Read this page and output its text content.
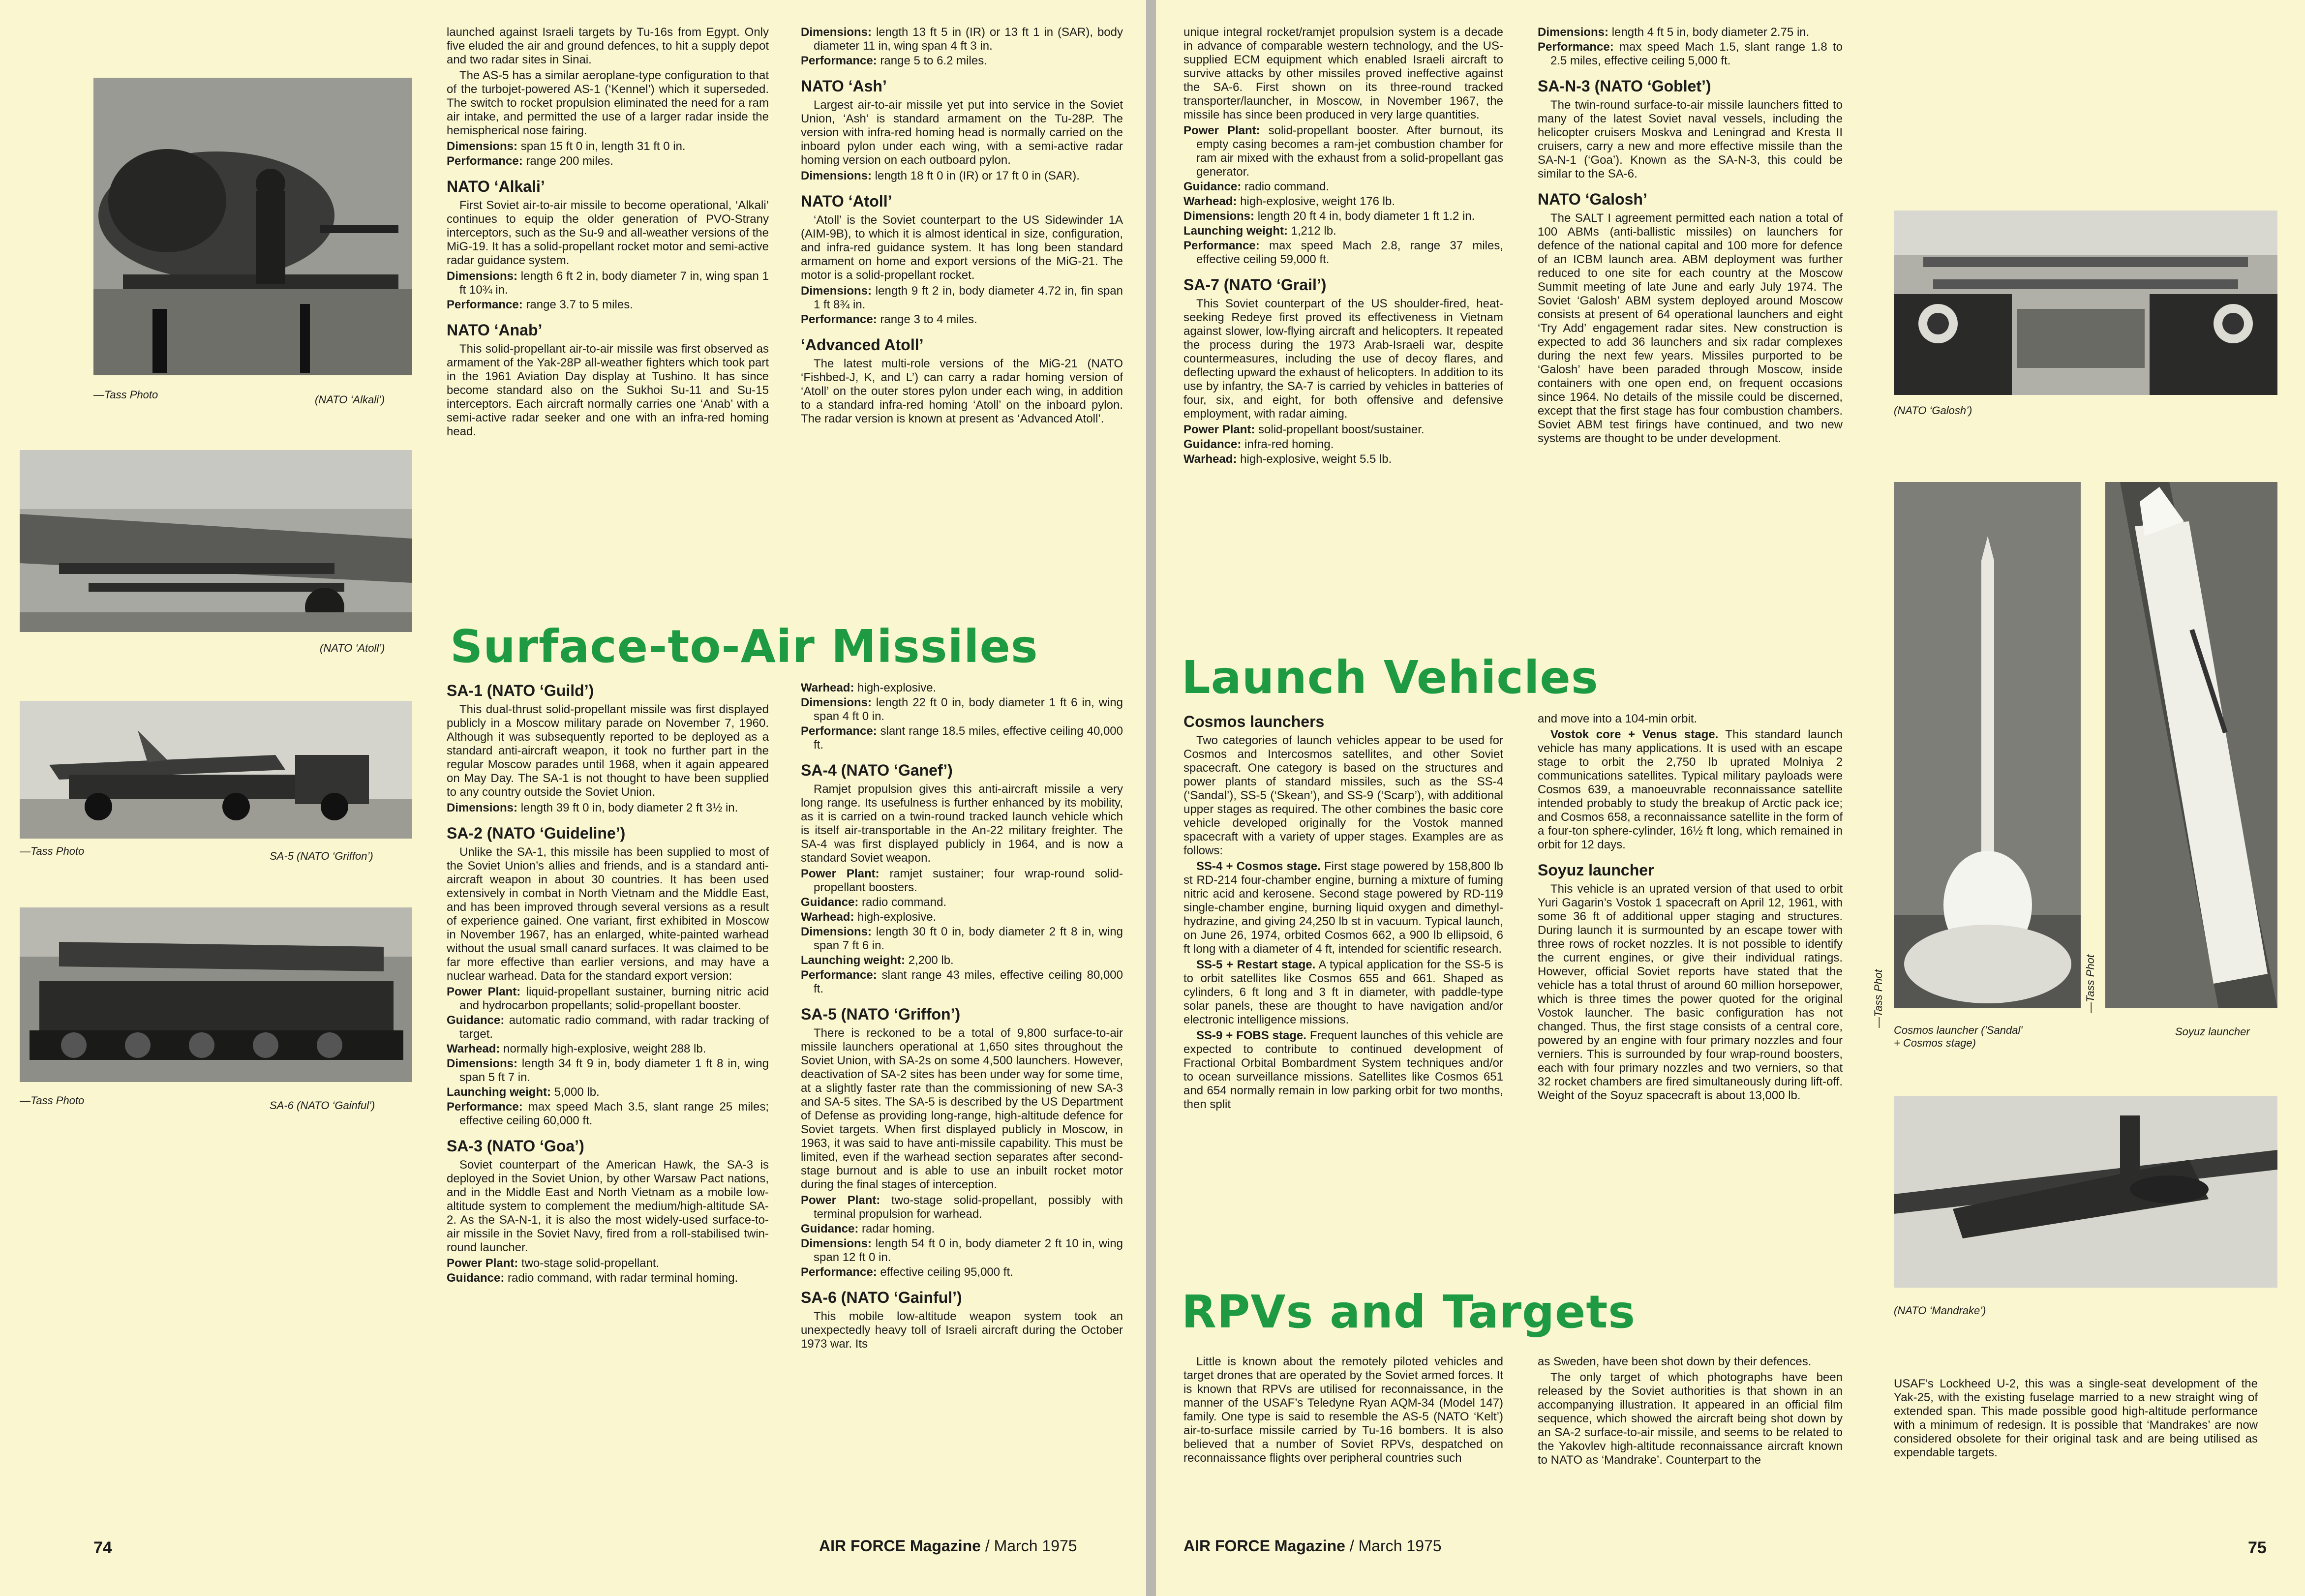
—Tass Photo	(NATO ‘Alkali’)
(NATO ‘Atoll’)
—Tass Photo	SA-5 (NATO ‘Griffon’)
—Tass Photo	SA-6 (NATO ‘Gainful’)

launched against Israeli targets by Tu-16s from Egypt. Only five eluded the air and ground defences, to hit a supply depot and two radar sites in Sinai.

The AS-5 has a similar aeroplane-type configuration to that of the turbojet-powered AS-1 (‘Kennel’) which it superseded. The switch to rocket propulsion eliminated the need for a ram air intake, and permitted the use of a larger radar inside the hemispherical nose fairing.

Dimensions: span 15 ft 0 in, length 31 ft 0 in.
Performance: range 200 miles.
NATO ‘Alkali’

First Soviet air-to-air missile to become operational, ‘Alkali’ continues to equip the older generation of PVO-Strany interceptors, such as the Su-9 and all-weather versions of the MiG-19. It has a solid-propellant rocket motor and semi-active radar guidance system.

Dimensions: length 6 ft 2 in, body diameter 7 in, wing span 1 ft 10¾ in.
Performance: range 3.7 to 5 miles.
NATO ‘Anab’

This solid-propellant air-to-air missile was first observed as armament of the Yak-28P all-weather fighters which took part in the 1961 Aviation Day display at Tushino. It has since become standard also on the Sukhoi Su-11 and Su-15 interceptors. Each aircraft normally carries one ‘Anab’ with a semi-active radar seeker and one with an infra-red homing head.

Dimensions: length 13 ft 5 in (IR) or 13 ft 1 in (SAR), body diameter 11 in, wing span 4 ft 3 in.
Performance: range 5 to 6.2 miles.
NATO ‘Ash’

Largest air-to-air missile yet put into service in the Soviet Union, ‘Ash’ is standard armament on the Tu-28P. The version with infra-red homing head is normally carried on the inboard pylon under each wing, with a semi-active radar homing version on each outboard pylon.

Dimensions: length 18 ft 0 in (IR) or 17 ft 0 in (SAR).
NATO ‘Atoll’

‘Atoll’ is the Soviet counterpart to the US Sidewinder 1A (AIM-9B), to which it is almost identical in size, configuration, and infra-red guidance system. It has long been standard armament on home and export versions of the MiG-21. The motor is a solid-propellant rocket.

Dimensions: length 9 ft 2 in, body diameter 4.72 in, fin span 1 ft 8¾ in.
Performance: range 3 to 4 miles.
‘Advanced Atoll’

The latest multi-role versions of the MiG-21 (NATO ‘Fishbed-J, K, and L’) can carry a radar homing version of ‘Atoll’ on the outer stores pylon under each wing, in addition to a standard infra-red homing ‘Atoll’ on the inboard pylon. The radar version is known at present as ‘Advanced Atoll’.

Surface-to-Air Missiles
SA-1 (NATO ‘Guild’)

This dual-thrust solid-propellant missile was first displayed publicly in a Moscow military parade on November 7, 1960. Although it was subsequently reported to be deployed as a standard anti-aircraft weapon, it took no further part in the regular Moscow parades until 1968, when it again appeared on May Day. The SA-1 is not thought to have been supplied to any country outside the Soviet Union.

Dimensions: length 39 ft 0 in, body diameter 2 ft 3½ in.
SA-2 (NATO ‘Guideline’)

Unlike the SA-1, this missile has been supplied to most of the Soviet Union’s allies and friends, and is a standard anti-aircraft weapon in about 30 countries. It has been used extensively in combat in North Vietnam and the Middle East, and has been improved through several versions as a result of experience gained. One variant, first exhibited in Moscow in November 1967, has an enlarged, white-painted warhead without the usual small canard surfaces. It was claimed to be far more effective than earlier versions, and may have a nuclear warhead. Data for the standard export version:

Power Plant: liquid-propellant sustainer, burning nitric acid and hydrocarbon propellants; solid-propellant booster.
Guidance: automatic radio command, with radar tracking of target.
Warhead: normally high-explosive, weight 288 lb.
Dimensions: length 34 ft 9 in, body diameter 1 ft 8 in, wing span 5 ft 7 in.
Launching weight: 5,000 lb.
Performance: max speed Mach 3.5, slant range 25 miles; effective ceiling 60,000 ft.
SA-3 (NATO ‘Goa’)

Soviet counterpart of the American Hawk, the SA-3 is deployed in the Soviet Union, by other Warsaw Pact nations, and in the Middle East and North Vietnam as a mobile low-altitude system to complement the medium/high-altitude SA-2. As the SA-N-1, it is also the most widely-used surface-to-air missile in the Soviet Navy, fired from a roll-stabilised twin-round launcher.

Power Plant: two-stage solid-propellant.
Guidance: radio command, with radar terminal homing.
Warhead: high-explosive.
Dimensions: length 22 ft 0 in, body diameter 1 ft 6 in, wing span 4 ft 0 in.
Performance: slant range 18.5 miles, effective ceiling 40,000 ft.
SA-4 (NATO ‘Ganef’)

Ramjet propulsion gives this anti-aircraft missile a very long range. Its usefulness is further enhanced by its mobility, as it is carried on a twin-round tracked launch vehicle which is itself air-transportable in the An-22 military freighter. The SA-4 was first displayed publicly in 1964, and is now a standard Soviet weapon.

Power Plant: ramjet sustainer; four wrap-round solid-propellant boosters.
Guidance: radio command.
Warhead: high-explosive.
Dimensions: length 30 ft 0 in, body diameter 2 ft 8 in, wing span 7 ft 6 in.
Launching weight: 2,200 lb.
Performance: slant range 43 miles, effective ceiling 80,000 ft.
SA-5 (NATO ‘Griffon’)

There is reckoned to be a total of 9,800 surface-to-air missile launchers operational at 1,650 sites throughout the Soviet Union, with SA-2s on some 4,500 launchers. However, deactivation of SA-2 sites has been under way for some time, at a slightly faster rate than the commissioning of new SA-3 and SA-5 sites. The SA-5 is described by the US Department of Defense as providing long-range, high-altitude defence for Soviet targets. When first displayed publicly in Moscow, in 1963, it was said to have anti-missile capability. This must be limited, even if the warhead section separates after second-stage burnout and is able to use an inbuilt rocket motor during the final stages of interception.

Power Plant: two-stage solid-propellant, possibly with terminal propulsion for warhead.
Guidance: radar homing.
Dimensions: length 54 ft 0 in, body diameter 2 ft 10 in, wing span 12 ft 0 in.
Performance: effective ceiling 95,000 ft.
SA-6 (NATO ‘Gainful’)

This mobile low-altitude weapon system took an unexpectedly heavy toll of Israeli aircraft during the October 1973 war. Its

74	AIR FORCE Magazine / March 1975

unique integral rocket/ramjet propulsion system is a decade in advance of comparable western technology, and the US-supplied ECM equipment which enabled Israeli aircraft to survive attacks by other missiles proved ineffective against the SA-6. First shown on its three-round tracked transporter/launcher, in Moscow, in November 1967, the missile has since been produced in very large quantities.

Power Plant: solid-propellant booster. After burnout, its empty casing becomes a ram-jet combustion chamber for ram air mixed with the exhaust from a solid-propellant gas generator.
Guidance: radio command.
Warhead: high-explosive, weight 176 lb.
Dimensions: length 20 ft 4 in, body diameter 1 ft 1.2 in.
Launching weight: 1,212 lb.
Performance: max speed Mach 2.8, range 37 miles, effective ceiling 59,000 ft.
SA-7 (NATO ‘Grail’)

This Soviet counterpart of the US shoulder-fired, heat-seeking Redeye first proved its effectiveness in Vietnam against slower, low-flying aircraft and helicopters. It repeated the process during the 1973 Arab-Israeli war, despite countermeasures, including the use of decoy flares, and deflecting upward the exhaust of helicopters. In addition to its use by infantry, the SA-7 is carried by vehicles in batteries of four, six, and eight, for both offensive and defensive employment, with radar aiming.

Power Plant: solid-propellant boost/sustainer.
Guidance: infra-red homing.
Warhead: high-explosive, weight 5.5 lb.
Dimensions: length 4 ft 5 in, body diameter 2.75 in.
Performance: max speed Mach 1.5, slant range 1.8 to 2.5 miles, effective ceiling 5,000 ft.
SA-N-3 (NATO ‘Goblet’)

The twin-round surface-to-air missile launchers fitted to many of the latest Soviet naval vessels, including the helicopter cruisers Moskva and Leningrad and Kresta II cruisers, carry a new and more effective missile than the SA-N-1 (‘Goa’). Known as the SA-N-3, this could be similar to the SA-6.

NATO ‘Galosh’

The SALT I agreement permitted each nation a total of 100 ABMs (anti-ballistic missiles) on launchers for defence of the national capital and 100 more for defence of an ICBM launch area. ABM deployment was further reduced to one site for each country at the Moscow Summit meeting of late June and early July 1974. The Soviet ‘Galosh’ ABM system deployed around Moscow consists at present of 64 operational launchers and eight ‘Try Add’ engagement radar sites. New construction is expected to add 36 launchers and six radar complexes during the next few years. Missiles purported to be ‘Galosh’ have been paraded through Moscow, inside containers with one open end, on frequent occasions since 1964. No details of the missile could be discerned, except that the first stage has four combustion chambers. Soviet ABM test firings have continued, and two new systems are thought to be under development.

(NATO ‘Galosh’)
—Tass Phot
Cosmos launcher ('Sandal' + Cosmos stage)
—Tass Phot
Soyuz launcher
(NATO ‘Mandrake’)
Launch Vehicles
Cosmos launchers

Two categories of launch vehicles appear to be used for Cosmos and Intercosmos satellites, and other Soviet spacecraft. One category is based on the structures and power plants of standard missiles, such as the SS-4 (‘Sandal’), SS-5 (‘Skean’), and SS-9 (‘Scarp’), with additional upper stages as required. The other combines the basic core vehicle developed originally for the Vostok manned spacecraft with a variety of upper stages. Examples are as follows:

SS-4 + Cosmos stage. First stage powered by 158,800 lb st RD-214 four-chamber engine, burning a mixture of fuming nitric acid and kerosene. Second stage powered by RD-119 single-chamber engine, burning liquid oxygen and dimethyl-hydrazine, and giving 24,250 lb st in vacuum. Typical launch, on June 26, 1974, orbited Cosmos 662, a 900 lb ellipsoid, 6 ft long with a diameter of 4 ft, intended for scientific research.

SS-5 + Restart stage. A typical application for the SS-5 is to orbit satellites like Cosmos 655 and 661. Shaped as cylinders, 6 ft long and 3 ft in diameter, with paddle-type solar panels, these are thought to have navigation and/or electronic intelligence missions.

SS-9 + FOBS stage. Frequent launches of this vehicle are expected to contribute to continued development of Fractional Orbital Bombardment System techniques and/or to ocean surveillance missions. Satellites like Cosmos 651 and 654 normally remain in low parking orbit for two months, then split

and move into a 104-min orbit.

Vostok core + Venus stage. This standard launch vehicle has many applications. It is used with an escape stage to orbit the 2,750 lb uprated Molniya 2 communications satellites. Typical military payloads were Cosmos 639, a manoeuvrable reconnaissance satellite intended probably to study the breakup of Arctic pack ice; and Cosmos 658, a reconnaissance satellite in the form of a four-ton sphere-cylinder, 16½ ft long, which remained in orbit for 12 days.

Soyuz launcher

This vehicle is an uprated version of that used to orbit Yuri Gagarin’s Vostok 1 spacecraft on April 12, 1961, with some 36 ft of additional upper staging and structures. During launch it is surmounted by an escape tower with three rows of rocket nozzles. It is not possible to identify the current engines, or give their individual ratings. However, official Soviet reports have stated that the vehicle has a total thrust of around 60 million horsepower, which is three times the power quoted for the original Vostok launcher. The basic configuration has not changed. Thus, the first stage consists of a central core, powered by an engine with four primary nozzles and four verniers. This is surrounded by four wrap-round boosters, each with four primary nozzles and two verniers, so that 32 rocket chambers are fired simultaneously during lift-off. Weight of the Soyuz spacecraft is about 13,000 lb.

RPVs and Targets

Little is known about the remotely piloted vehicles and target drones that are operated by the Soviet armed forces. It is known that RPVs are utilised for reconnaissance, in the manner of the USAF’s Teledyne Ryan AQM-34 (Model 147) family. One type is said to resemble the AS-5 (NATO ‘Kelt’) air-to-surface missile carried by Tu-16 bombers. It is also believed that a number of Soviet RPVs, despatched on reconnaissance flights over peripheral countries such

as Sweden, have been shot down by their defences.

The only target of which photographs have been released by the Soviet authorities is that shown in an accompanying illustration. It appeared in an official film sequence, which showed the aircraft being shot down by an SA-2 surface-to-air missile, and seems to be related to the Yakovlev high-altitude reconnaissance aircraft known to NATO as ‘Mandrake’. Counterpart to the

USAF’s Lockheed U-2, this was a single-seat development of the Yak-25, with the existing fuselage married to a new straight wing of extended span. This made possible good high-altitude performance with a minimum of redesign. It is possible that ‘Mandrakes’ are now considered obsolete for their original task and are being utilised as expendable targets.

AIR FORCE Magazine / March 1975	75
